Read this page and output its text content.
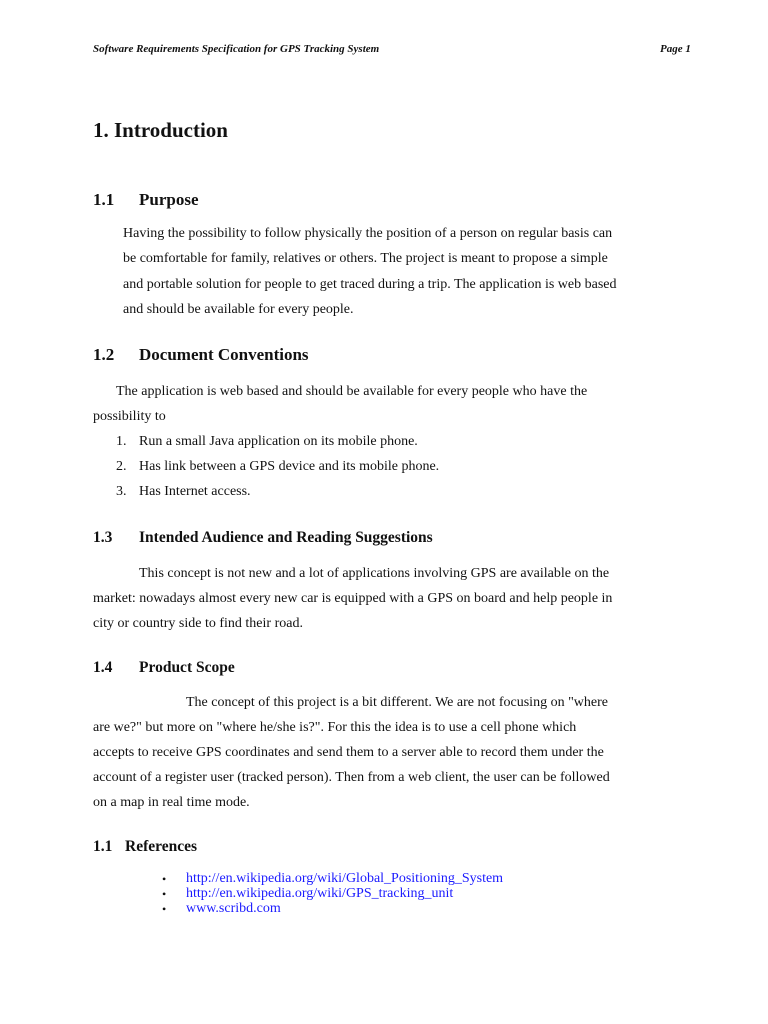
Software Requirements Specification for GPS Tracking System	Page 1
1. Introduction
1.1 Purpose

Having the possibility to follow physically the position of a person on regular basis can

be comfortable for family, relatives or others. The project is meant to propose a simple

and portable solution for people to get traced during a trip. The application is web based

and should be available for every people.

1.2 Document Conventions
The application is web based and should be available for every people who have the
possibility to
1. Run a small Java application on its mobile phone.
2. Has link between a GPS device and its mobile phone.
3. Has Internet access.
1.3 Intended Audience and Reading Suggestions
This concept is not new and a lot of applications involving GPS are available on the
market: nowadays almost every new car is equipped with a GPS on board and help people in
city or country side to find their road.
1.4 Product Scope
The concept of this project is a bit different. We are not focusing on "where
are we?" but more on "where he/she is?". For this the idea is to use a cell phone which
accepts to receive GPS coordinates and send them to a server able to record them under the
account of a register user (tracked person). Then from a web client, the user can be followed
on a map in real time mode.
1.1 References
• http://en.wikipedia.org/wiki/Global_Positioning_System
• http://en.wikipedia.org/wiki/GPS_tracking_unit
• www.scribd.com
